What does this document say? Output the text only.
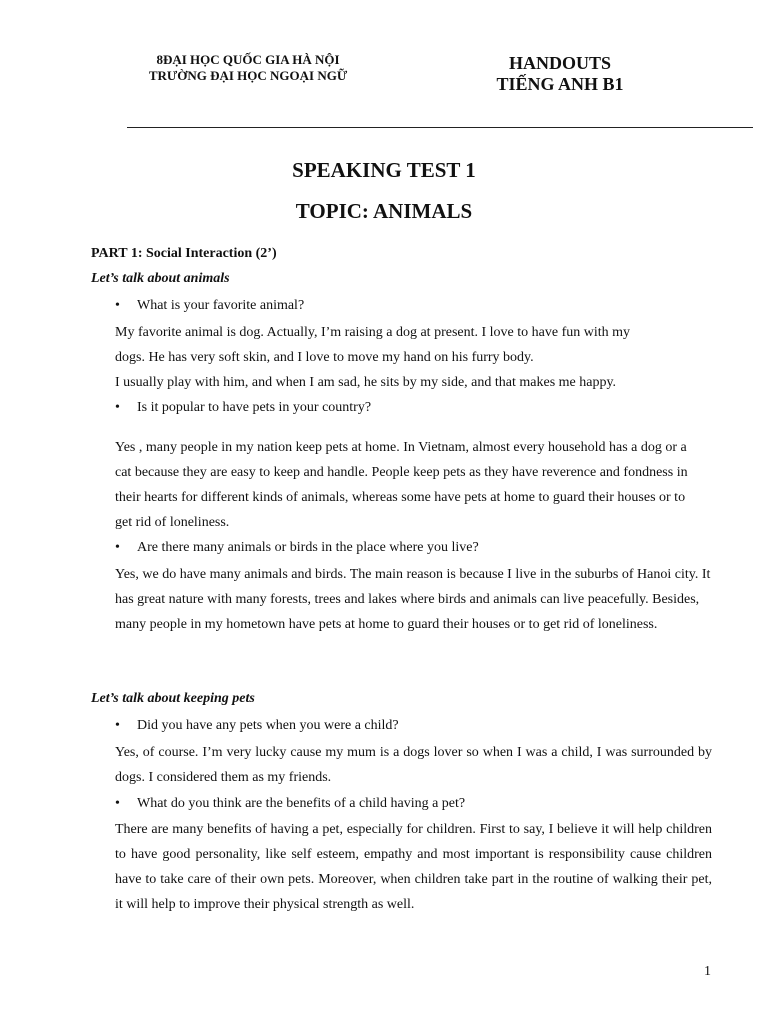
8ĐẠI HỌC QUỐC GIA HÀ NỘI
TRƯỜNG ĐẠI HỌC NGOẠI NGỮ
HANDOUTS
TIẾNG ANH B1
SPEAKING TEST 1
TOPIC: ANIMALS
PART 1: Social Interaction (2’)
Let’s talk about animals
• What is your favorite animal?

My favorite animal is dog. Actually, I’m raising a dog at present. I love to have fun with my

dogs. He has very soft skin, and I love to move my hand on his furry body.

I usually play with him, and when I am sad, he sits by my side, and that makes me happy.

• Is it popular to have pets in your country?
Yes , many people in my nation keep pets at home. In Vietnam, almost every household has a dog or a cat because they are easy to keep and handle. People keep pets as they have reverence and fondness in their hearts for different kinds of animals, whereas some have pets at home to guard their houses or to get rid of loneliness.
• Are there many animals or birds in the place where you live?
Yes, we do have many animals and birds. The main reason is because I live in the suburbs of Hanoi city. It has great nature with many forests, trees and lakes where birds and animals can live peacefully. Besides, many people in my hometown have pets at home to guard their houses or to get rid of loneliness.
Let’s talk about keeping pets
• Did you have any pets when you were a child?
Yes, of course. I’m very lucky cause my mum is a dogs lover so when I was a child, I was surrounded by dogs. I considered them as my friends.
• What do you think are the benefits of a child having a pet?
There are many benefits of having a pet, especially for children. First to say, I believe it will help children to have good personality, like self esteem, empathy and most important is responsibility cause children have to take care of their own pets. Moreover, when children take part in the routine of walking their pet, it will help to improve their physical strength as well.
1
